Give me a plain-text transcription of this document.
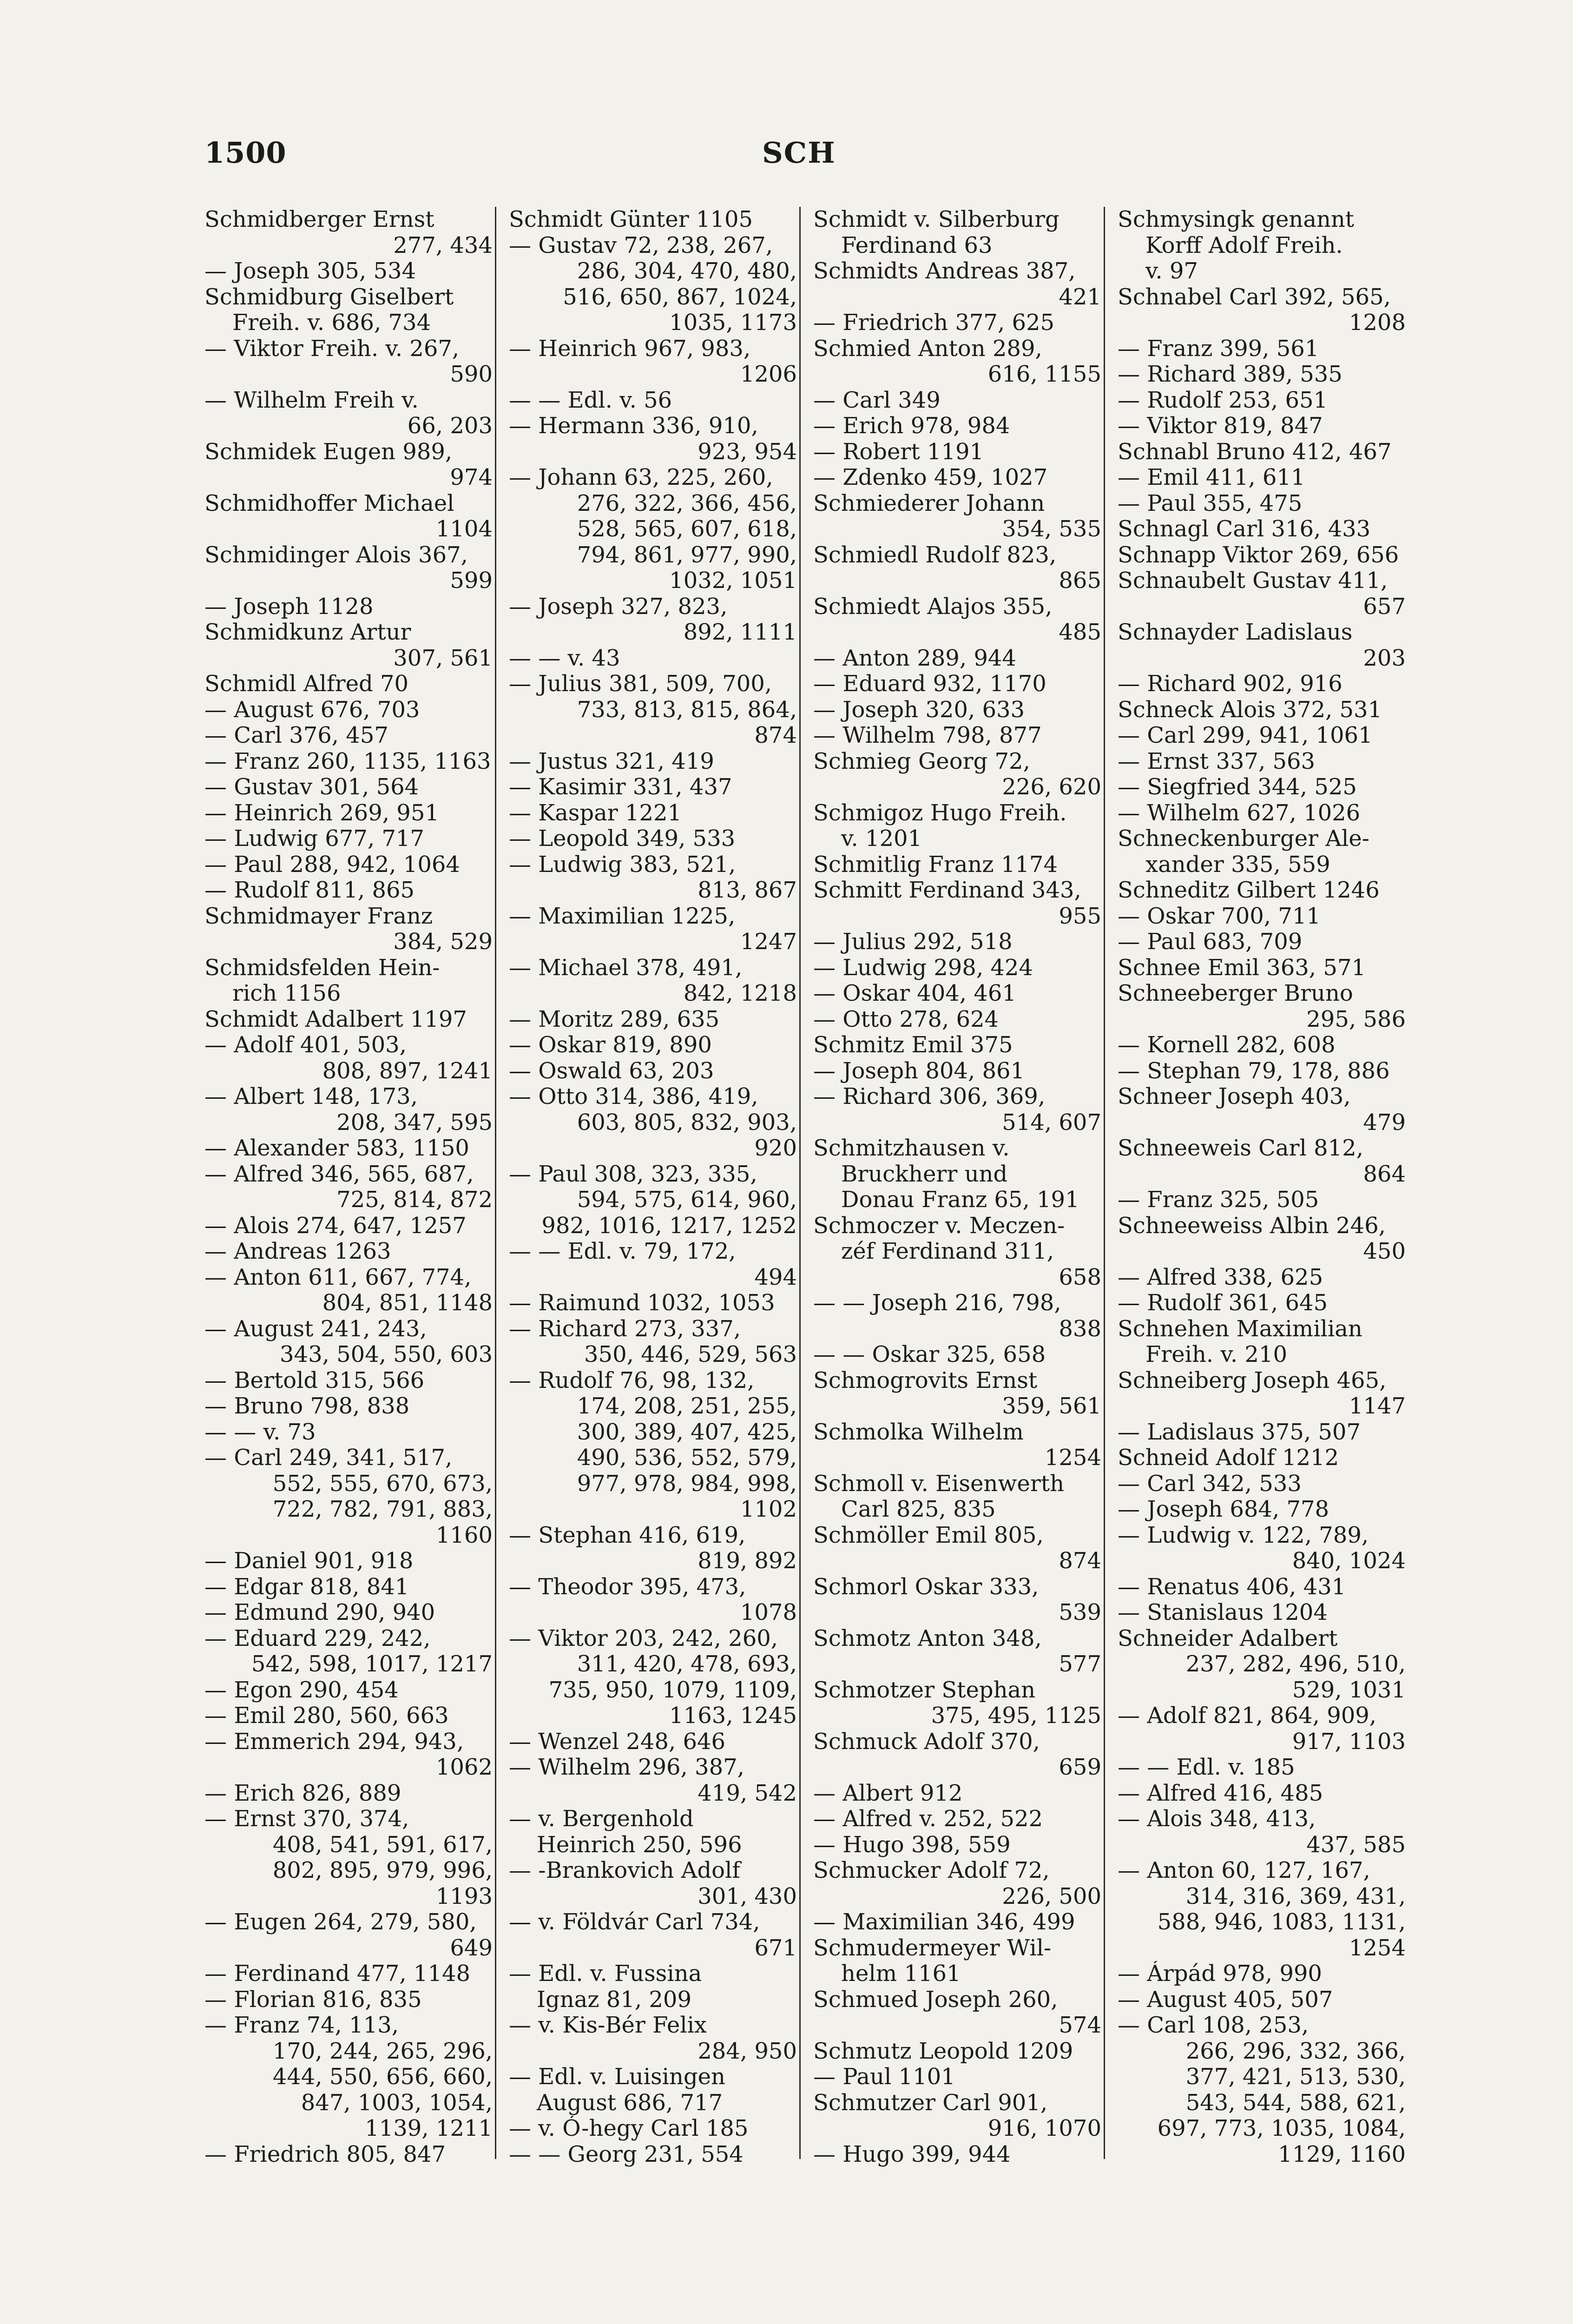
1500	SCH
Schmidberger Ernst
277, 434
— Joseph 305, 534
Schmidburg Giselbert
Freih. v. 686, 734
— Viktor Freih. v. 267,
590
— Wilhelm Freih v.
66, 203
Schmidek Eugen 989,
974
Schmidhoffer Michael
1104
Schmidinger Alois 367,
599
— Joseph 1128
Schmidkunz Artur
307, 561
Schmidl Alfred 70
— August 676, 703
— Carl 376, 457
— Franz 260, 1135, 1163
— Gustav 301, 564
— Heinrich 269, 951
— Ludwig 677, 717
— Paul 288, 942, 1064
— Rudolf 811, 865
Schmidmayer Franz
384, 529
Schmidsfelden Hein-
rich 1156
Schmidt Adalbert 1197
— Adolf 401, 503,
808, 897, 1241
— Albert 148, 173,
208, 347, 595
— Alexander 583, 1150
— Alfred 346, 565, 687,
725, 814, 872
— Alois 274, 647, 1257
— Andreas 1263
— Anton 611, 667, 774,
804, 851, 1148
— August 241, 243,
343, 504, 550, 603
— Bertold 315, 566
— Bruno 798, 838
— — v. 73
— Carl 249, 341, 517,
552, 555, 670, 673,
722, 782, 791, 883,
1160
— Daniel 901, 918
— Edgar 818, 841
— Edmund 290, 940
— Eduard 229, 242,
542, 598, 1017, 1217
— Egon 290, 454
— Emil 280, 560, 663
— Emmerich 294, 943,
1062
— Erich 826, 889
— Ernst 370, 374,
408, 541, 591, 617,
802, 895, 979, 996,
1193
— Eugen 264, 279, 580,
649
— Ferdinand 477, 1148
— Florian 816, 835
— Franz 74, 113,
170, 244, 265, 296,
444, 550, 656, 660,
847, 1003, 1054,
1139, 1211
— Friedrich 805, 847
Schmidt Günter 1105
— Gustav 72, 238, 267,
286, 304, 470, 480,
516, 650, 867, 1024,
1035, 1173
— Heinrich 967, 983,
1206
— — Edl. v. 56
— Hermann 336, 910,
923, 954
— Johann 63, 225, 260,
276, 322, 366, 456,
528, 565, 607, 618,
794, 861, 977, 990,
1032, 1051
— Joseph 327, 823,
892, 1111
— — v. 43
— Julius 381, 509, 700,
733, 813, 815, 864,
874
— Justus 321, 419
— Kasimir 331, 437
— Kaspar 1221
— Leopold 349, 533
— Ludwig 383, 521,
813, 867
— Maximilian 1225,
1247
— Michael 378, 491,
842, 1218
— Moritz 289, 635
— Oskar 819, 890
— Oswald 63, 203
— Otto 314, 386, 419,
603, 805, 832, 903,
920
— Paul 308, 323, 335,
594, 575, 614, 960,
982, 1016, 1217, 1252
— — Edl. v. 79, 172,
494
— Raimund 1032, 1053
— Richard 273, 337,
350, 446, 529, 563
— Rudolf 76, 98, 132,
174, 208, 251, 255,
300, 389, 407, 425,
490, 536, 552, 579,
977, 978, 984, 998,
1102
— Stephan 416, 619,
819, 892
— Theodor 395, 473,
1078
— Viktor 203, 242, 260,
311, 420, 478, 693,
735, 950, 1079, 1109,
1163, 1245
— Wenzel 248, 646
— Wilhelm 296, 387,
419, 542
— v. Bergenhold
Heinrich 250, 596
— -Brankovich Adolf
301, 430
— v. Földvár Carl 734,
671
— Edl. v. Fussina
Ignaz 81, 209
— v. Kis-Bér Felix
284, 950
— Edl. v. Luisingen
August 686, 717
— v. Ó-hegy Carl 185
— — Georg 231, 554
Schmidt v. Silberburg
Ferdinand 63
Schmidts Andreas 387,
421
— Friedrich 377, 625
Schmied Anton 289,
616, 1155
— Carl 349
— Erich 978, 984
— Robert 1191
— Zdenko 459, 1027
Schmiederer Johann
354, 535
Schmiedl Rudolf 823,
865
Schmiedt Alajos 355,
485
— Anton 289, 944
— Eduard 932, 1170
— Joseph 320, 633
— Wilhelm 798, 877
Schmieg Georg 72,
226, 620
Schmigoz Hugo Freih.
v. 1201
Schmitlig Franz 1174
Schmitt Ferdinand 343,
955
— Julius 292, 518
— Ludwig 298, 424
— Oskar 404, 461
— Otto 278, 624
Schmitz Emil 375
— Joseph 804, 861
— Richard 306, 369,
514, 607
Schmitzhausen v.
Bruckherr und
Donau Franz 65, 191
Schmoczer v. Meczen-
zéf Ferdinand 311,
658
— — Joseph 216, 798,
838
— — Oskar 325, 658
Schmogrovits Ernst
359, 561
Schmolka Wilhelm
1254
Schmoll v. Eisenwerth
Carl 825, 835
Schmöller Emil 805,
874
Schmorl Oskar 333,
539
Schmotz Anton 348,
577
Schmotzer Stephan
375, 495, 1125
Schmuck Adolf 370,
659
— Albert 912
— Alfred v. 252, 522
— Hugo 398, 559
Schmucker Adolf 72,
226, 500
— Maximilian 346, 499
Schmudermeyer Wil-
helm 1161
Schmued Joseph 260,
574
Schmutz Leopold 1209
— Paul 1101
Schmutzer Carl 901,
916, 1070
— Hugo 399, 944
Schmysingk genannt
Korff Adolf Freih.
v. 97
Schnabel Carl 392, 565,
1208
— Franz 399, 561
— Richard 389, 535
— Rudolf 253, 651
— Viktor 819, 847
Schnabl Bruno 412, 467
— Emil 411, 611
— Paul 355, 475
Schnagl Carl 316, 433
Schnapp Viktor 269, 656
Schnaubelt Gustav 411,
657
Schnayder Ladislaus
203
— Richard 902, 916
Schneck Alois 372, 531
— Carl 299, 941, 1061
— Ernst 337, 563
— Siegfried 344, 525
— Wilhelm 627, 1026
Schneckenburger Ale-
xander 335, 559
Schneditz Gilbert 1246
— Oskar 700, 711
— Paul 683, 709
Schnee Emil 363, 571
Schneeberger Bruno
295, 586
— Kornell 282, 608
— Stephan 79, 178, 886
Schneer Joseph 403,
479
Schneeweis Carl 812,
864
— Franz 325, 505
Schneeweiss Albin 246,
450
— Alfred 338, 625
— Rudolf 361, 645
Schnehen Maximilian
Freih. v. 210
Schneiberg Joseph 465,
1147
— Ladislaus 375, 507
Schneid Adolf 1212
— Carl 342, 533
— Joseph 684, 778
— Ludwig v. 122, 789,
840, 1024
— Renatus 406, 431
— Stanislaus 1204
Schneider Adalbert
237, 282, 496, 510,
529, 1031
— Adolf 821, 864, 909,
917, 1103
— — Edl. v. 185
— Alfred 416, 485
— Alois 348, 413,
437, 585
— Anton 60, 127, 167,
314, 316, 369, 431,
588, 946, 1083, 1131,
1254
— Árpád 978, 990
— August 405, 507
— Carl 108, 253,
266, 296, 332, 366,
377, 421, 513, 530,
543, 544, 588, 621,
697, 773, 1035, 1084,
1129, 1160
